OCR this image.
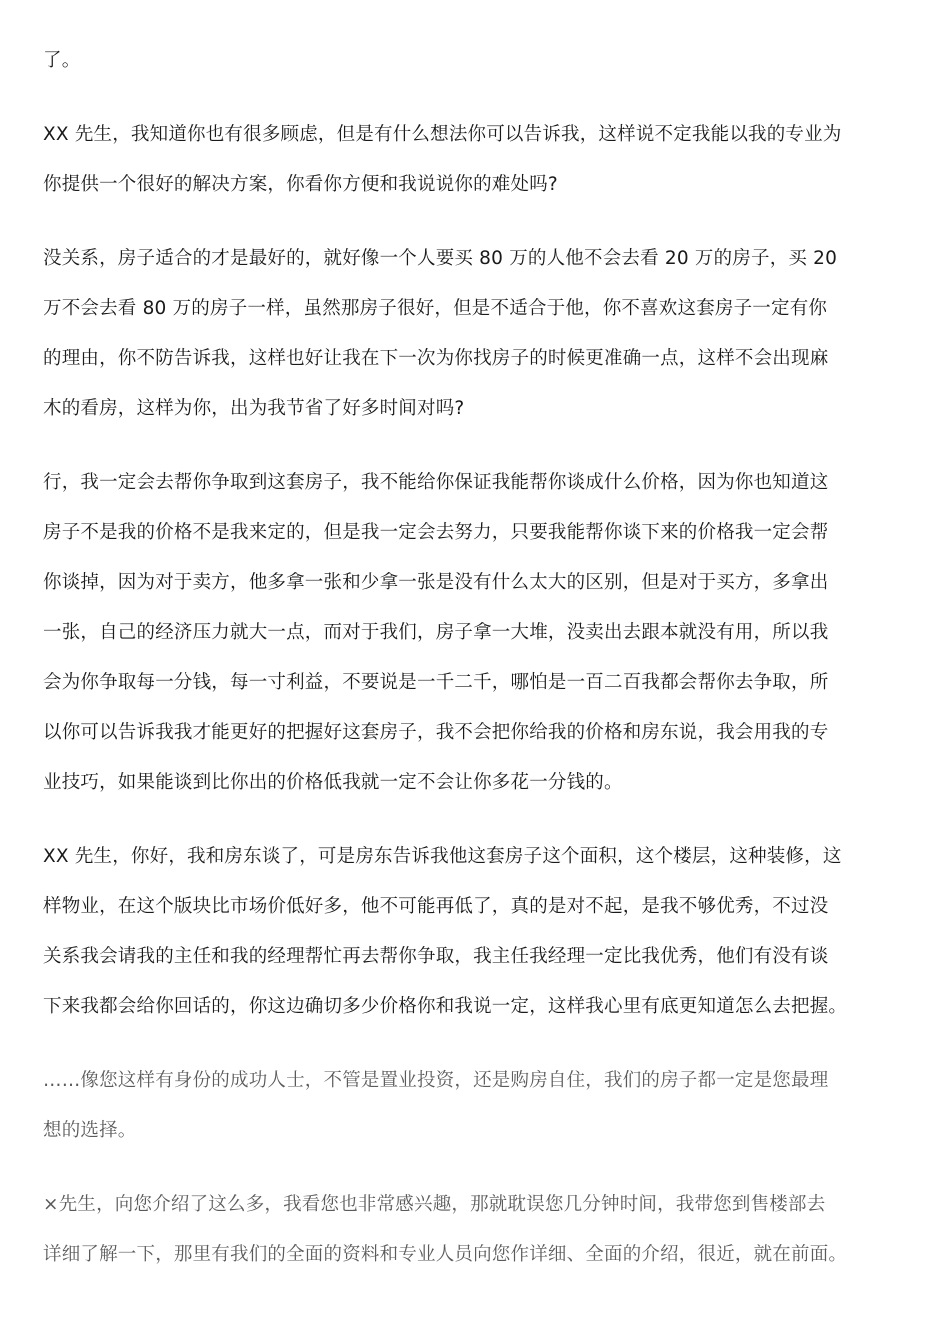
了。

XX 先生，我知道你也有很多顾虑，但是有什么想法你可以告诉我，这样说不定我能以我的专业为
你提供一个很好的解决方案，你看你方便和我说说你的难处吗?

没关系，房子适合的才是最好的，就好像一个人要买 80 万的人他不会去看 20 万的房子，买 20
万不会去看 80 万的房子一样，虽然那房子很好，但是不适合于他，你不喜欢这套房子一定有你
的理由，你不防告诉我，这样也好让我在下一次为你找房子的时候更准确一点，这样不会出现麻
木的看房，这样为你，出为我节省了好多时间对吗?

行，我一定会去帮你争取到这套房子，我不能给你保证我能帮你谈成什么价格，因为你也知道这
房子不是我的价格不是我来定的，但是我一定会去努力，只要我能帮你谈下来的价格我一定会帮
你谈掉，因为对于卖方，他多拿一张和少拿一张是没有什么太大的区别，但是对于买方，多拿出
一张，自己的经济压力就大一点，而对于我们，房子拿一大堆，没卖出去跟本就没有用，所以我
会为你争取每一分钱，每一寸利益，不要说是一千二千，哪怕是一百二百我都会帮你去争取，所
以你可以告诉我我才能更好的把握好这套房子，我不会把你给我的价格和房东说，我会用我的专
业技巧，如果能谈到比你出的价格低我就一定不会让你多花一分钱的。

XX 先生，你好，我和房东谈了，可是房东告诉我他这套房子这个面积，这个楼层，这种装修，这
样物业，在这个版块比市场价低好多，他不可能再低了，真的是对不起，是我不够优秀，不过没
关系我会请我的主任和我的经理帮忙再去帮你争取，我主任我经理一定比我优秀，他们有没有谈
下来我都会给你回话的，你这边确切多少价格你和我说一定，这样我心里有底更知道怎么去把握。

……像您这样有身份的成功人士，不管是置业投资，还是购房自住，我们的房子都一定是您最理
想的选择。

×先生，向您介绍了这么多，我看您也非常感兴趣，那就耽误您几分钟时间，我带您到售楼部去
详细了解一下，那里有我们的全面的资料和专业人员向您作详细、全面的介绍，很近，就在前面。
